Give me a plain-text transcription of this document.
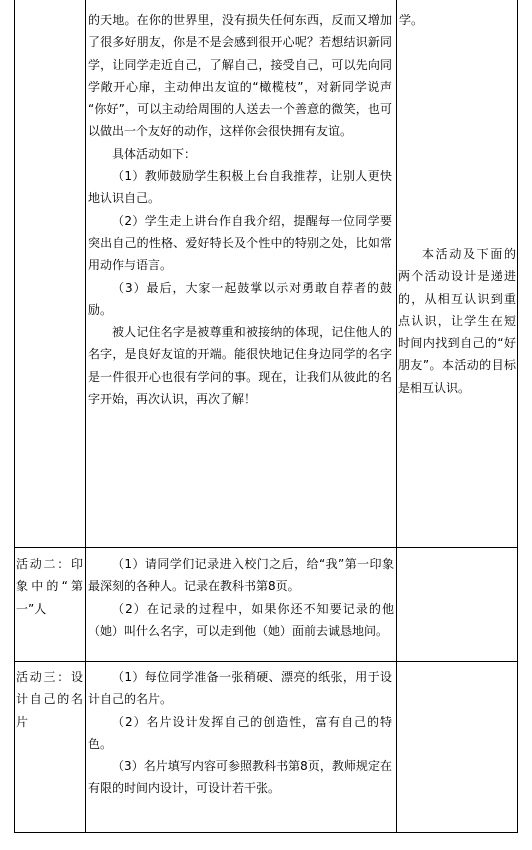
的天地。在你的世界里，没有损失任何东西，反而又增加了很多好朋友，你是不是会感到很开心呢？若想结识新同学，让同学走近自己，了解自己，接受自己，可以先向同学敞开心扉，主动伸出友谊的“橄榄枝”，对新同学说声 “你好”，可以主动给周围的人送去一个善意的微笑，也可以做出一个友好的动作，这样你会很快拥有友谊。

具体活动如下：

（1）教师鼓励学生积极上台自我推荐，让别人更快地认识自己。

（2）学生走上讲台作自我介绍，提醒每一位同学要突出自己的性格、爱好特长及个性中的特别之处，比如常用动作与语言。

（3）最后，大家一起鼓掌以示对勇敢自荐者的鼓励。

被人记住名字是被尊重和被接纳的体现，记住他人的名字，是良好友谊的开端。能很快地记住身边同学的名字是一件很开心也很有学问的事。现在，让我们从彼此的名字开始，再次认识，再次了解！

学。
本活动及下面的两个活动设计是递进的，从相互认识到重点认识，让学生在短时间内找到自己的“好朋友”。本活动的目标是相互认识。
活动二：印象中的“第一”人

（1）请同学们记录进入校门之后，给“我”第一印象最深刻的各种人。记录在教科书第8页。

（2）在记录的过程中，如果你还不知要记录的他（她）叫什么名字，可以走到他（她）面前去诚恳地问。

活动三：设计自己的名片

（1）每位同学准备一张稍硬、漂亮的纸张，用于设计自己的名片。

（2）名片设计发挥自己的创造性，富有自己的特色。

（3）名片填写内容可参照教科书第8页，教师规定在有限的时间内设计，可设计若干张。
